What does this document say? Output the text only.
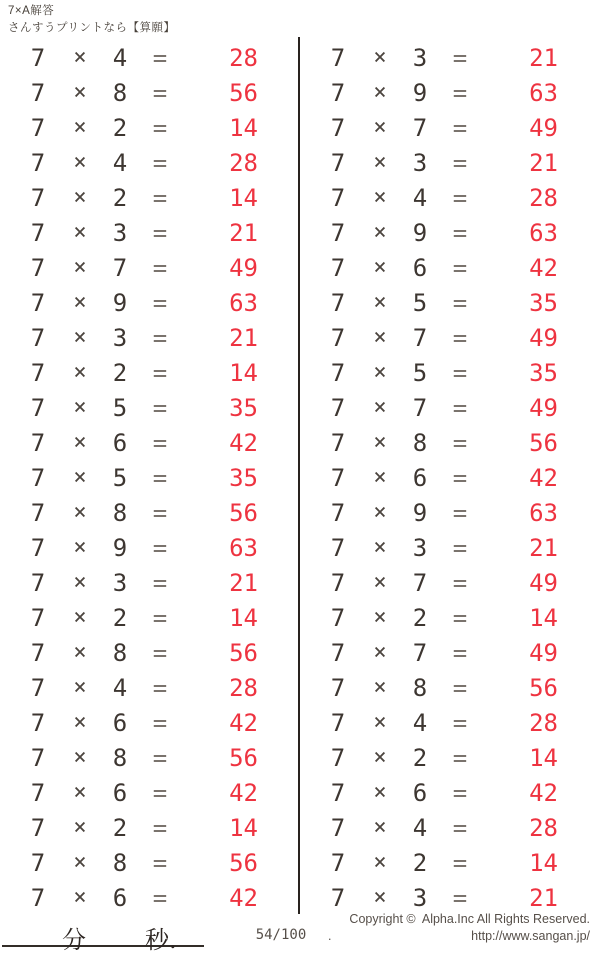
7×A解答
さんすうプリントなら【算願】
7	×	4	=	28
7	×	8	=	56
7	×	2	=	14
7	×	4	=	28
7	×	2	=	14
7	×	3	=	21
7	×	7	=	49
7	×	9	=	63
7	×	3	=	21
7	×	2	=	14
7	×	5	=	35
7	×	6	=	42
7	×	5	=	35
7	×	8	=	56
7	×	9	=	63
7	×	3	=	21
7	×	2	=	14
7	×	8	=	56
7	×	4	=	28
7	×	6	=	42
7	×	8	=	56
7	×	6	=	42
7	×	2	=	14
7	×	8	=	56
7	×	6	=	42
7	×	3	=	21
7	×	9	=	63
7	×	7	=	49
7	×	3	=	21
7	×	4	=	28
7	×	9	=	63
7	×	6	=	42
7	×	5	=	35
7	×	7	=	49
7	×	5	=	35
7	×	7	=	49
7	×	8	=	56
7	×	6	=	42
7	×	9	=	63
7	×	3	=	21
7	×	7	=	49
7	×	2	=	14
7	×	7	=	49
7	×	8	=	56
7	×	4	=	28
7	×	2	=	14
7	×	6	=	42
7	×	4	=	28
7	×	2	=	14
7	×	3	=	21
分 秒.	54/100
Copyright ©  Alpha.Inc All Rights Reserved.
.	http://www.sangan.jp/
